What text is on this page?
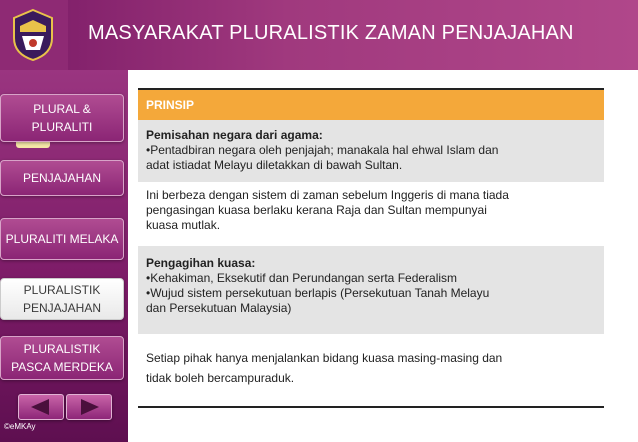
MASYARAKAT PLURALISTIK ZAMAN PENJAJAHAN
PLURAL &
PLURALITI
PENJAJAHAN
PLURALITI MELAKA
PLURALISTIK
PENJAJAHAN
PLURALISTIK
PASCA MERDEKA
©eMKAy
PRINSIP
Pemisahan negara dari agama:
•Pentadbiran negara oleh penjajah; manakala hal ehwal Islam dan
adat istiadat Melayu diletakkan di bawah Sultan.
Ini berbeza dengan sistem di zaman sebelum Inggeris di mana tiada
pengasingan kuasa berlaku kerana Raja dan Sultan mempunyai
kuasa mutlak.
Pengagihan kuasa:
•Kehakiman, Eksekutif dan Perundangan serta Federalism
•Wujud sistem persekutuan berlapis (Persekutuan Tanah Melayu
dan Persekutuan Malaysia)
Setiap pihak hanya menjalankan bidang kuasa masing-masing dan
tidak boleh bercampuraduk.
